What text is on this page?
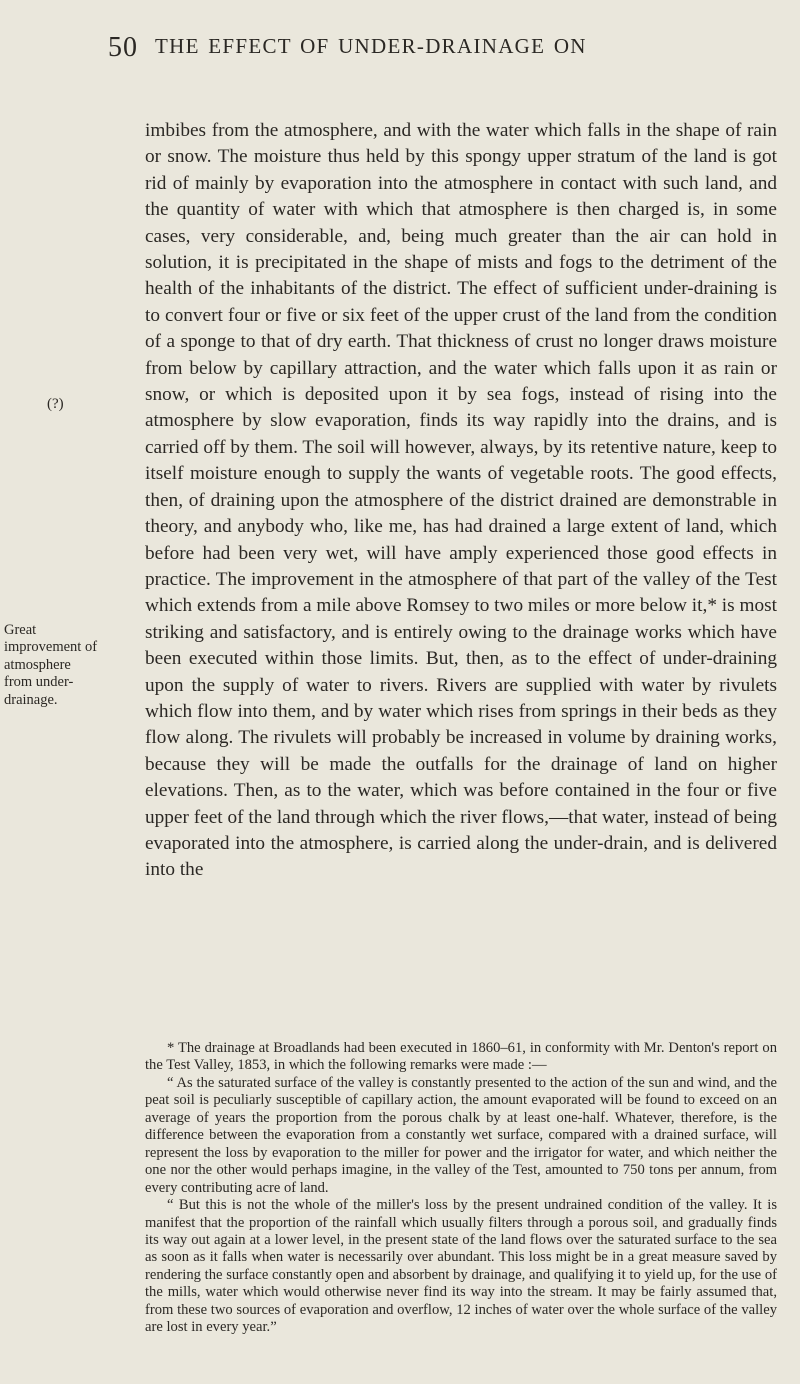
50 THE EFFECT OF UNDER-DRAINAGE ON
(?)
Great improvement of atmosphere from under-drainage.
imbibes from the atmosphere, and with the water which falls in the shape of rain or snow. The moisture thus held by this spongy upper stratum of the land is got rid of mainly by evaporation into the atmosphere in contact with such land, and the quantity of water with which that atmosphere is then charged is, in some cases, very considerable, and, being much greater than the air can hold in solution, it is precipitated in the shape of mists and fogs to the detriment of the health of the inhabitants of the district. The effect of sufficient under-draining is to convert four or five or six feet of the upper crust of the land from the condition of a sponge to that of dry earth. That thickness of crust no longer draws moisture from below by capillary attraction, and the water which falls upon it as rain or snow, or which is deposited upon it by sea fogs, instead of rising into the atmosphere by slow evaporation, finds its way rapidly into the drains, and is carried off by them. The soil will however, always, by its retentive nature, keep to itself moisture enough to supply the wants of vegetable roots. The good effects, then, of draining upon the atmosphere of the district drained are demonstrable in theory, and anybody who, like me, has had drained a large extent of land, which before had been very wet, will have amply experienced those good effects in practice. The improvement in the atmosphere of that part of the valley of the Test which extends from a mile above Romsey to two miles or more below it,* is most striking and satisfactory, and is entirely owing to the drainage works which have been executed within those limits. But, then, as to the effect of under-draining upon the supply of water to rivers. Rivers are supplied with water by rivulets which flow into them, and by water which rises from springs in their beds as they flow along. The rivulets will probably be increased in volume by draining works, because they will be made the outfalls for the drainage of land on higher elevations. Then, as to the water, which was before contained in the four or five upper feet of the land through which the river flows,—that water, instead of being evaporated into the atmosphere, is carried along the under-drain, and is delivered into the

* The drainage at Broadlands had been executed in 1860–61, in conformity with Mr. Denton's report on the Test Valley, 1853, in which the following remarks were made :—

“ As the saturated surface of the valley is constantly presented to the action of the sun and wind, and the peat soil is peculiarly susceptible of capillary action, the amount evaporated will be found to exceed on an average of years the proportion from the porous chalk by at least one-half. Whatever, therefore, is the difference between the evaporation from a constantly wet surface, compared with a drained surface, will represent the loss by evaporation to the miller for power and the irrigator for water, and which neither the one nor the other would perhaps imagine, in the valley of the Test, amounted to 750 tons per annum, from every contributing acre of land.

“ But this is not the whole of the miller's loss by the present undrained condition of the valley. It is manifest that the proportion of the rainfall which usually filters through a porous soil, and gradually finds its way out again at a lower level, in the present state of the land flows over the saturated surface to the sea as soon as it falls when water is necessarily over abundant. This loss might be in a great measure saved by rendering the surface constantly open and absorbent by drainage, and qualifying it to yield up, for the use of the mills, water which would otherwise never find its way into the stream. It may be fairly assumed that, from these two sources of evaporation and overflow, 12 inches of water over the whole surface of the valley are lost in every year.”
